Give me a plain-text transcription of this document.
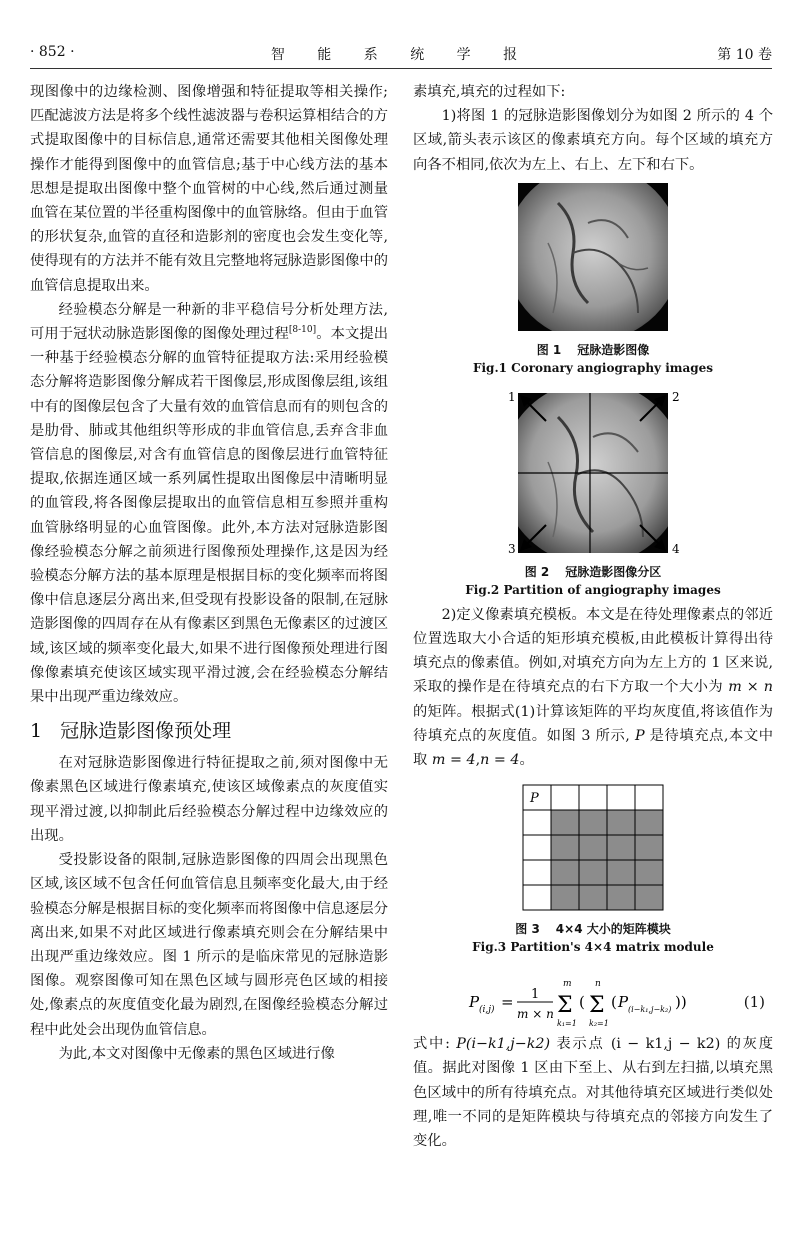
· 852 ·	智 能 系 统 学 报	第 10 卷

现图像中的边缘检测、图像增强和特征提取等相关操作;匹配滤波方法是将多个线性滤波器与卷积运算相结合的方式提取图像中的目标信息,通常还需要其他相关图像处理操作才能得到图像中的血管信息;基于中心线方法的基本思想是提取出图像中整个血管树的中心线,然后通过测量血管在某位置的半径重构图像中的血管脉络。但由于血管的形状复杂,血管的直径和造影剂的密度也会发生变化等,使得现有的方法并不能有效且完整地将冠脉造影图像中的血管信息提取出来。

经验模态分解是一种新的非平稳信号分析处理方法,可用于冠状动脉造影图像的图像处理过程[8-10]。本文提出一种基于经验模态分解的血管特征提取方法:采用经验模态分解将造影图像分解成若干图像层,形成图像层组,该组中有的图像层包含了大量有效的血管信息而有的则包含的是肋骨、肺或其他组织等形成的非血管信息,丢弃含非血管信息的图像层,对含有血管信息的图像层进行血管特征提取,依据连通区域一系列属性提取出图像层中清晰明显的血管段,将各图像层提取出的血管信息相互参照并重构血管脉络明显的心血管图像。此外,本方法对冠脉造影图像经验模态分解之前须进行图像预处理操作,这是因为经验模态分解方法的基本原理是根据目标的变化频率而将图像中信息逐层分离出来,但受现有投影设备的限制,在冠脉造影图像的四周存在从有像素区到黑色无像素区的过渡区域,该区域的频率变化最大,如果不进行图像预处理进行图像像素填充使该区域实现平滑过渡,会在经验模态分解结果中出现严重边缘效应。

1 冠脉造影图像预处理

在对冠脉造影图像进行特征提取之前,须对图像中无像素黑色区域进行像素填充,使该区域像素点的灰度值实现平滑过渡,以抑制此后经验模态分解过程中边缘效应的出现。

受投影设备的限制,冠脉造影图像的四周会出现黑色区域,该区域不包含任何血管信息且频率变化最大,由于经验模态分解是根据目标的变化频率而将图像中信息逐层分离出来,如果不对此区域进行像素填充则会在分解结果中出现严重边缘效应。图 1 所示的是临床常见的冠脉造影图像。观察图像可知在黑色区域与圆形亮色区域的相接处,像素点的灰度值变化最为剧烈,在图像经验模态分解过程中此处会出现伪血管信息。

为此,本文对图像中无像素的黑色区域进行像

素填充,填充的过程如下:

1)将图 1 的冠脉造影图像划分为如图 2 所示的 4 个区域,箭头表示该区的像素填充方向。每个区域的填充方向各不相同,依次为左上、右上、左下和右下。

图 1 冠脉造影图像
Fig.1 Coronary angiography images
1	2
3	4
图 2 冠脉造影图像分区
Fig.2 Partition of angiography images

2)定义像素填充模板。本文是在待处理像素点的邻近位置选取大小合适的矩形填充模板,由此模板计算得出待填充点的像素值。例如,对填充方向为左上方的 1 区来说,采取的操作是在待填充点的右下方取一个大小为 m × n 的矩阵。根据式(1)计算该矩阵的平均灰度值,将该值作为待填充点的灰度值。如图 3 所示, P 是待填充点,本文中取 m = 4,n = 4。

P
图 3 4×4 大小的矩阵模块
Fig.3 Partition's 4×4 matrix module
P (i,j) = 1
m × n Σ
m
k₁=1
( Σ
n
k₂=1
( P (i−k₁,j−k₂) ))	(1)

式中: P(i−k1,j−k2) 表示点 (i − k1,j − k2) 的灰度值。据此对图像 1 区由下至上、从右到左扫描,以填充黑色区域中的所有待填充点。对其他待填充区域进行类似处理,唯一不同的是矩阵模块与待填充点的邻接方向发生了变化。
